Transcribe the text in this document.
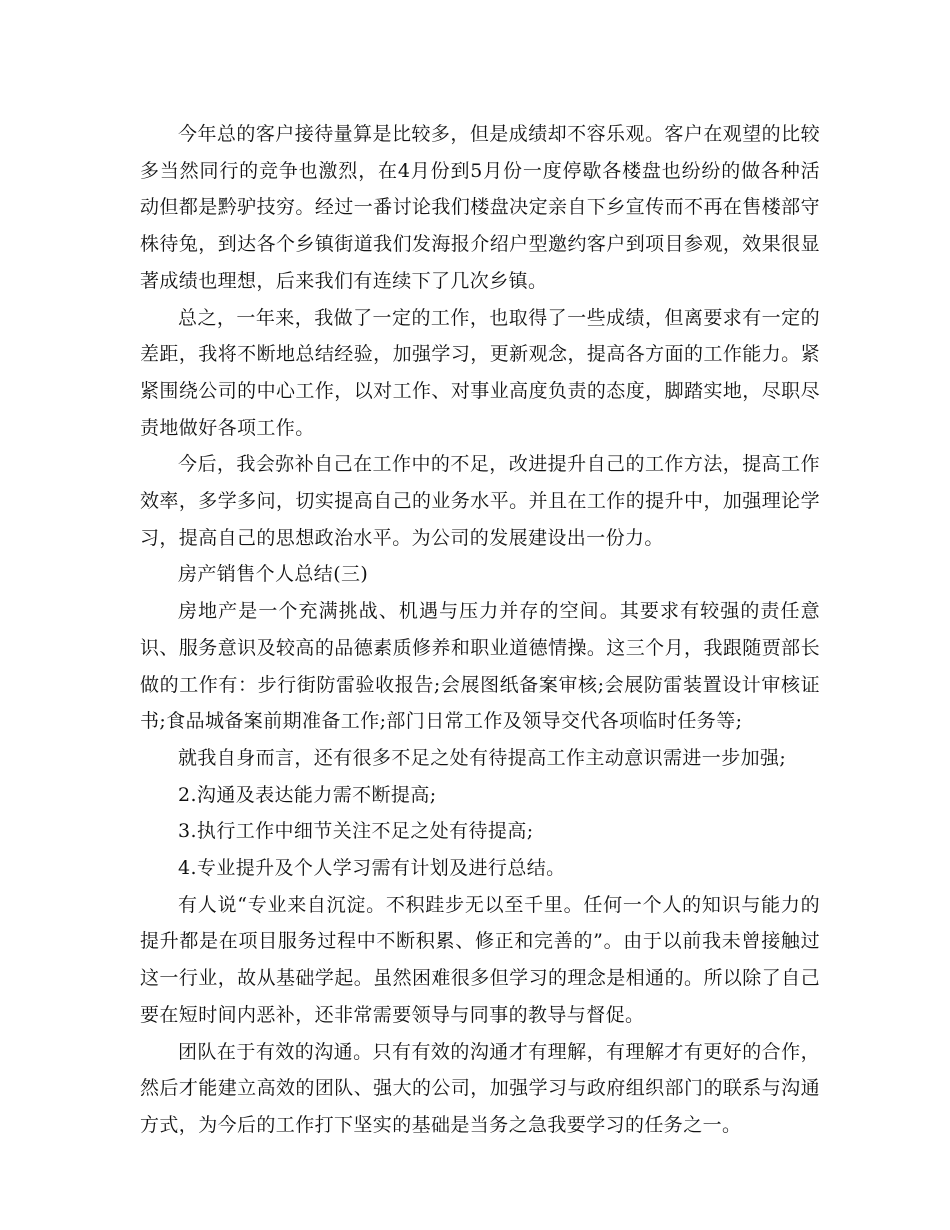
今年总的客户接待量算是比较多，但是成绩却不容乐观。客户在观望的比较多当然同行的竞争也激烈，在4月份到5月份一度停歇各楼盘也纷纷的做各种活动但都是黔驴技穷。经过一番讨论我们楼盘决定亲自下乡宣传而不再在售楼部守株待兔，到达各个乡镇街道我们发海报介绍户型邀约客户到项目参观，效果很显著成绩也理想，后来我们有连续下了几次乡镇。

总之，一年来，我做了一定的工作，也取得了一些成绩，但离要求有一定的差距，我将不断地总结经验，加强学习，更新观念，提高各方面的工作能力。紧紧围绕公司的中心工作，以对工作、对事业高度负责的态度，脚踏实地，尽职尽责地做好各项工作。

今后，我会弥补自己在工作中的不足，改进提升自己的工作方法，提高工作效率，多学多问，切实提高自己的业务水平。并且在工作的提升中，加强理论学习，提高自己的思想政治水平。为公司的发展建设出一份力。

房产销售个人总结(三)

房地产是一个充满挑战、机遇与压力并存的空间。其要求有较强的责任意识、服务意识及较高的品德素质修养和职业道德情操。这三个月，我跟随贾部长做的工作有：步行街防雷验收报告;会展图纸备案审核;会展防雷装置设计审核证书;食品城备案前期准备工作;部门日常工作及领导交代各项临时任务等;

就我自身而言，还有很多不足之处有待提高工作主动意识需进一步加强;

2.沟通及表达能力需不断提高;

3.执行工作中细节关注不足之处有待提高;

4.专业提升及个人学习需有计划及进行总结。

有人说“专业来自沉淀。不积跬步无以至千里。任何一个人的知识与能力的提升都是在项目服务过程中不断积累、修正和完善的”。由于以前我未曾接触过这一行业，故从基础学起。虽然困难很多但学习的理念是相通的。所以除了自己要在短时间内恶补，还非常需要领导与同事的教导与督促。

团队在于有效的沟通。只有有效的沟通才有理解，有理解才有更好的合作，然后才能建立高效的团队、强大的公司，加强学习与政府组织部门的联系与沟通方式，为今后的工作打下坚实的基础是当务之急我要学习的任务之一。
